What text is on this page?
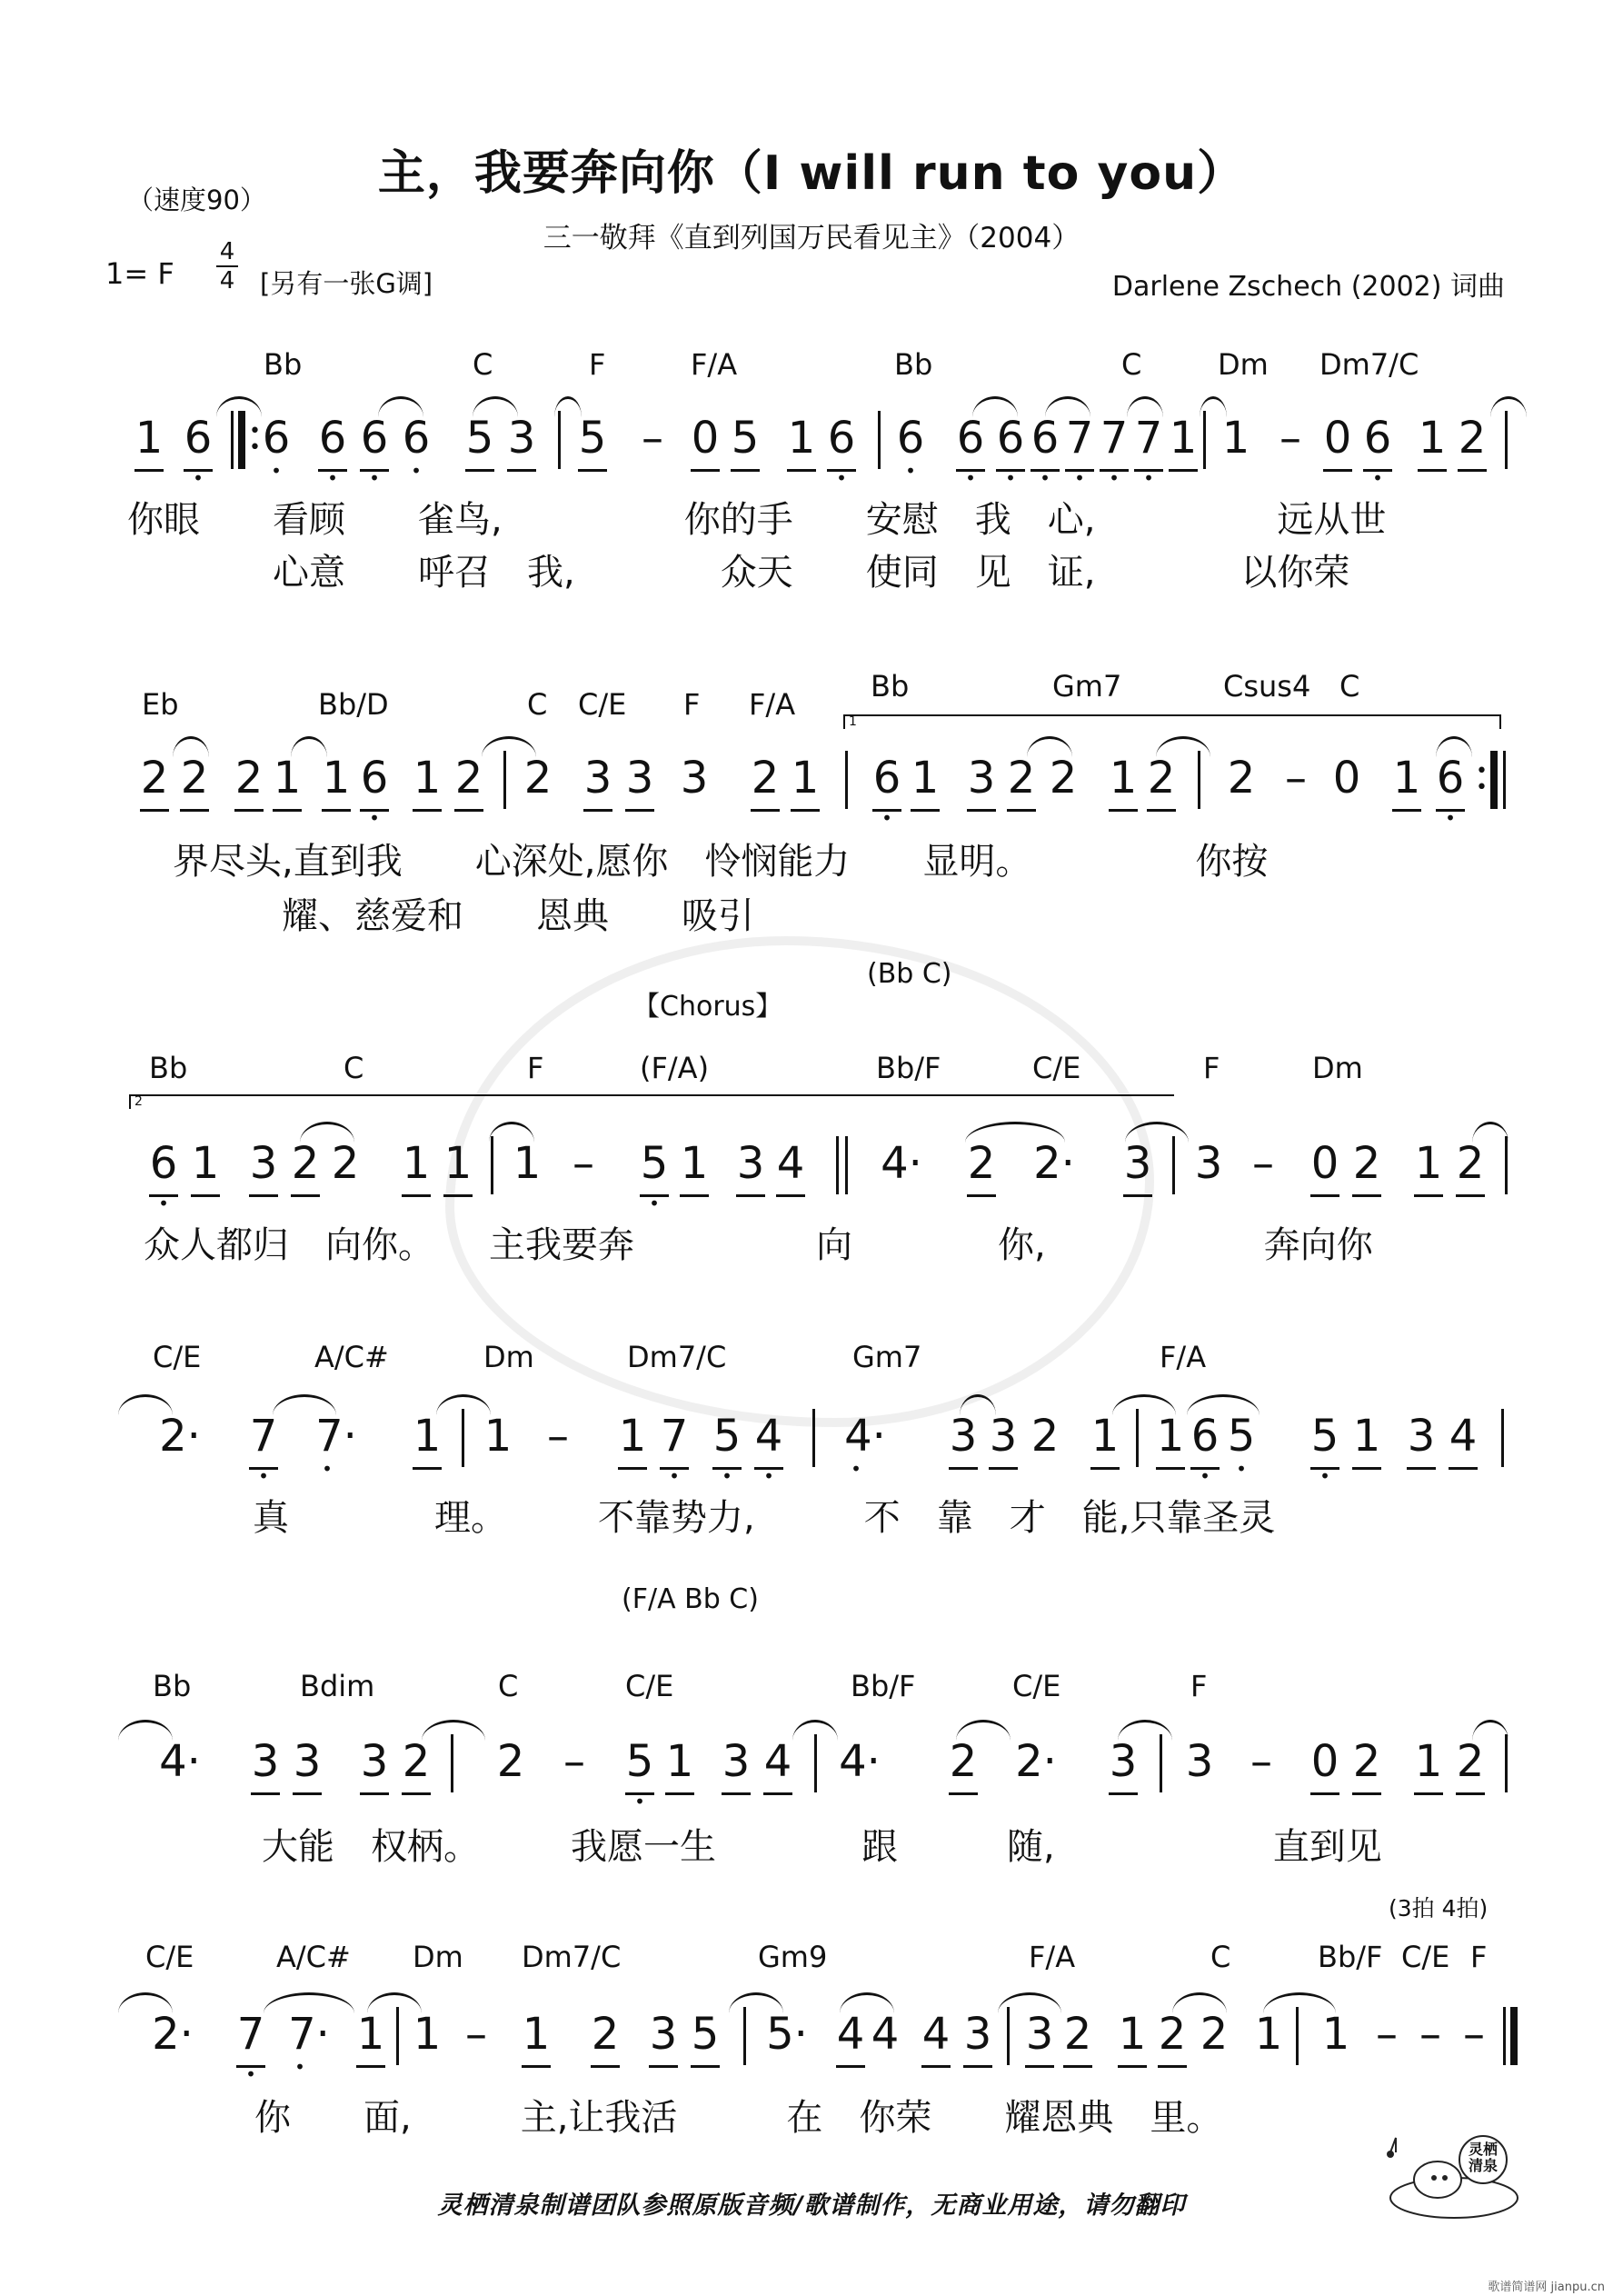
主，我要奔向你（I will run to you）
三一敬拜《直到列国万民看见主》（2004）
（速度90）
1= F
4
4 [另有一张G调]	Darlene Zschech (2002) 词曲
Bb	C	F	F/A	Bb	C	Dm Dm7/C
1 • 6 •
• • 6 • 6 • 6 • 6 5 3 5 – 0 5 1 • 6 • 6 • 6 • 6 • 6 • 7 • 7 • 7 1 1 – 0 • 6 1 2
你眼　　看顾　　雀鸟,　　　　　你的手　　安慰　我　心,　　　　　远从世
　　　　心意　　呼召　我,　　　　众天　　使同　见　证,　　　　以你荣
Eb	Bb/D	C C/E F F/A
Bb	Gm7	Csus4 C
1
2 2 2 1 1 • 6 1 2 2 3 3 3 2 1 • 6 1 3 2 2 1 2 2 – 0 1 • 6 •
•
界尽头,直到我　　心深处,愿你　怜悯能力　　显明。　　　　　你按
　　　耀、慈爱和　　恩典　　吸引
【Chorus】
(Bb C)
Bb	C	F	(F/A)	Bb/F	C/E	F	Dm
2
• 6 1 3 2 2 1 1 1 – • 5 1 3 4 4· 2 2· 3 3 – 0 2 1 2
众人都归　向你。　　主我要奔　　　　　向　　　　你,　　　　　　奔向你
C/E	A/C#	Dm	Dm7/C	Gm7	F/A
2· • 7 • 7· 1 1 – 1 • 7 • 5 • 4 • 4· 3 3 2 1 1 • 6 • 5 • 5 1 3 4
　　　真　　　　理。　　　不靠势力,　　　不　靠　才　能,只靠圣灵
(F/A Bb C)
Bb	Bdim	C	C/E	Bb/F	C/E	F
4· 3 3 3 2 2 – • 5 1 3 4 4· 2 2· 3 3 – 0 2 1 2
　　　大能　权柄。　　　我愿一生　　　　跟　　　随,　　　　　　直到见
(3拍 4拍)
C/E	A/C# Dm Dm7/C	Gm9	F/A	C	Bb/F C/E F
2· • 7 • 7· 1 1 – 1 2 3 5 5· 4 4 4 3 3 2 1 2 2 1 1 – – –
　　　你　　面,　　　主,让我活　　　在　你荣　　耀恩典　里。
灵栖清泉
灵栖清泉制谱团队参照原版音频/歌谱制作，无商业用途，请勿翻印
歌谱简谱网 jianpu.cn
